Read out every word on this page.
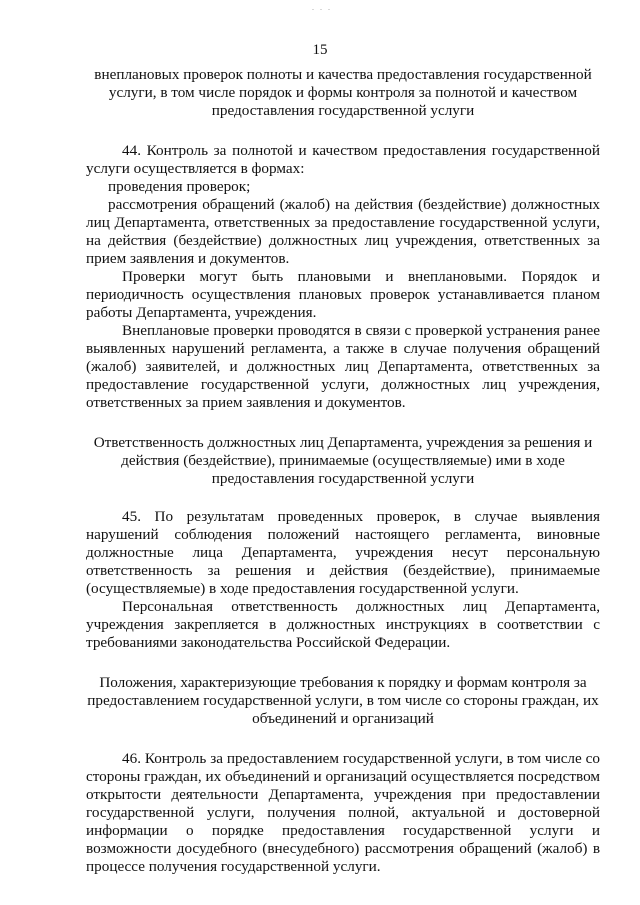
. . .
15

внеплановых проверок полноты и качества предоставления государственной услуги, в том числе порядок и формы контроля за полнотой и качеством предоставления государственной услуги

44. Контроль за полнотой и качеством предоставления государственной услуги осуществляется в формах:

проведения проверок;

рассмотрения обращений (жалоб) на действия (бездействие) должностных лиц Департамента, ответственных за предоставление государственной услуги, на действия (бездействие) должностных лиц учреждения, ответственных за прием заявления и документов.

Проверки могут быть плановыми и внеплановыми. Порядок и периодичность осуществления плановых проверок устанавливается планом работы Департамента, учреждения.

Внеплановые проверки проводятся в связи с проверкой устранения ранее выявленных нарушений регламента, а также в случае получения обращений (жалоб) заявителей, и должностных лиц Департамента, ответственных за предоставление государственной услуги, должностных лиц учреждения, ответственных за прием заявления и документов.

Ответственность должностных лиц Департамента, учреждения за решения и действия (бездействие), принимаемые (осуществляемые) ими в ходе предоставления государственной услуги

45. По результатам проведенных проверок, в случае выявления нарушений соблюдения положений настоящего регламента, виновные должностные лица Департамента, учреждения несут персональную ответственность за решения и действия (бездействие), принимаемые (осуществляемые) в ходе предоставления государственной услуги.

Персональная ответственность должностных лиц Департамента, учреждения закрепляется в должностных инструкциях в соответствии с требованиями законодательства Российской Федерации.

Положения, характеризующие требования к порядку и формам контроля за предоставлением государственной услуги, в том числе со стороны граждан, их объединений и организаций

46. Контроль за предоставлением государственной услуги, в том числе со стороны граждан, их объединений и организаций осуществляется посредством открытости деятельности Департамента, учреждения при предоставлении государственной услуги, получения полной, актуальной и достоверной информации о порядке предоставления государственной услуги и возможности досудебного (внесудебного) рассмотрения обращений (жалоб) в процессе получения государственной услуги.
